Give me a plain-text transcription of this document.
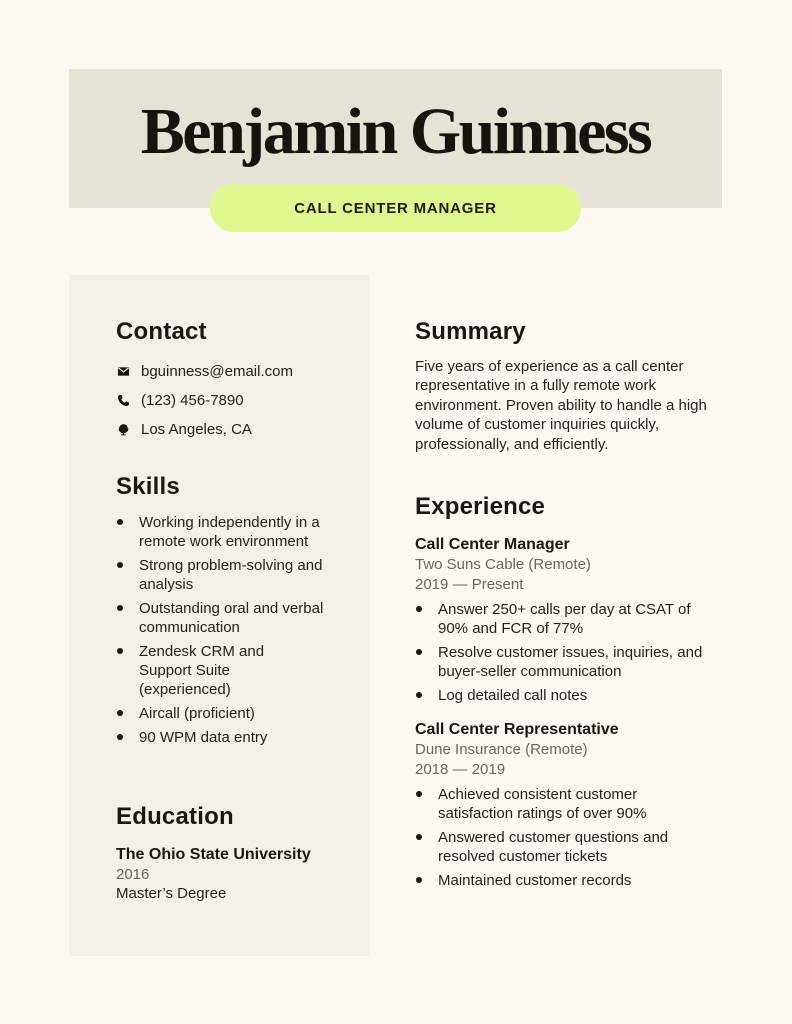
Benjamin Guinness
CALL CENTER MANAGER
Contact
bguinness@email.com
(123) 456-7890
Los Angeles, CA
Skills
Working independently in a remote work environment
Strong problem-solving and analysis
Outstanding oral and verbal communication
Zendesk CRM and Support Suite (experienced)
Aircall (proficient)
90 WPM data entry
Education
The Ohio State University
2016
Master’s Degree
Summary

Five years of experience as a call center representative in a fully remote work environment. Proven ability to handle a high volume of customer inquiries quickly, professionally, and efficiently.

Experience
Call Center Manager
Two Suns Cable (Remote)
2019 — Present
Answer 250+ calls per day at CSAT of 90% and FCR of 77%
Resolve customer issues, inquiries, and buyer-seller communication
Log detailed call notes
Call Center Representative
Dune Insurance (Remote)
2018 — 2019
Achieved consistent customer satisfaction ratings of over 90%
Answered customer questions and resolved customer tickets
Maintained customer records
